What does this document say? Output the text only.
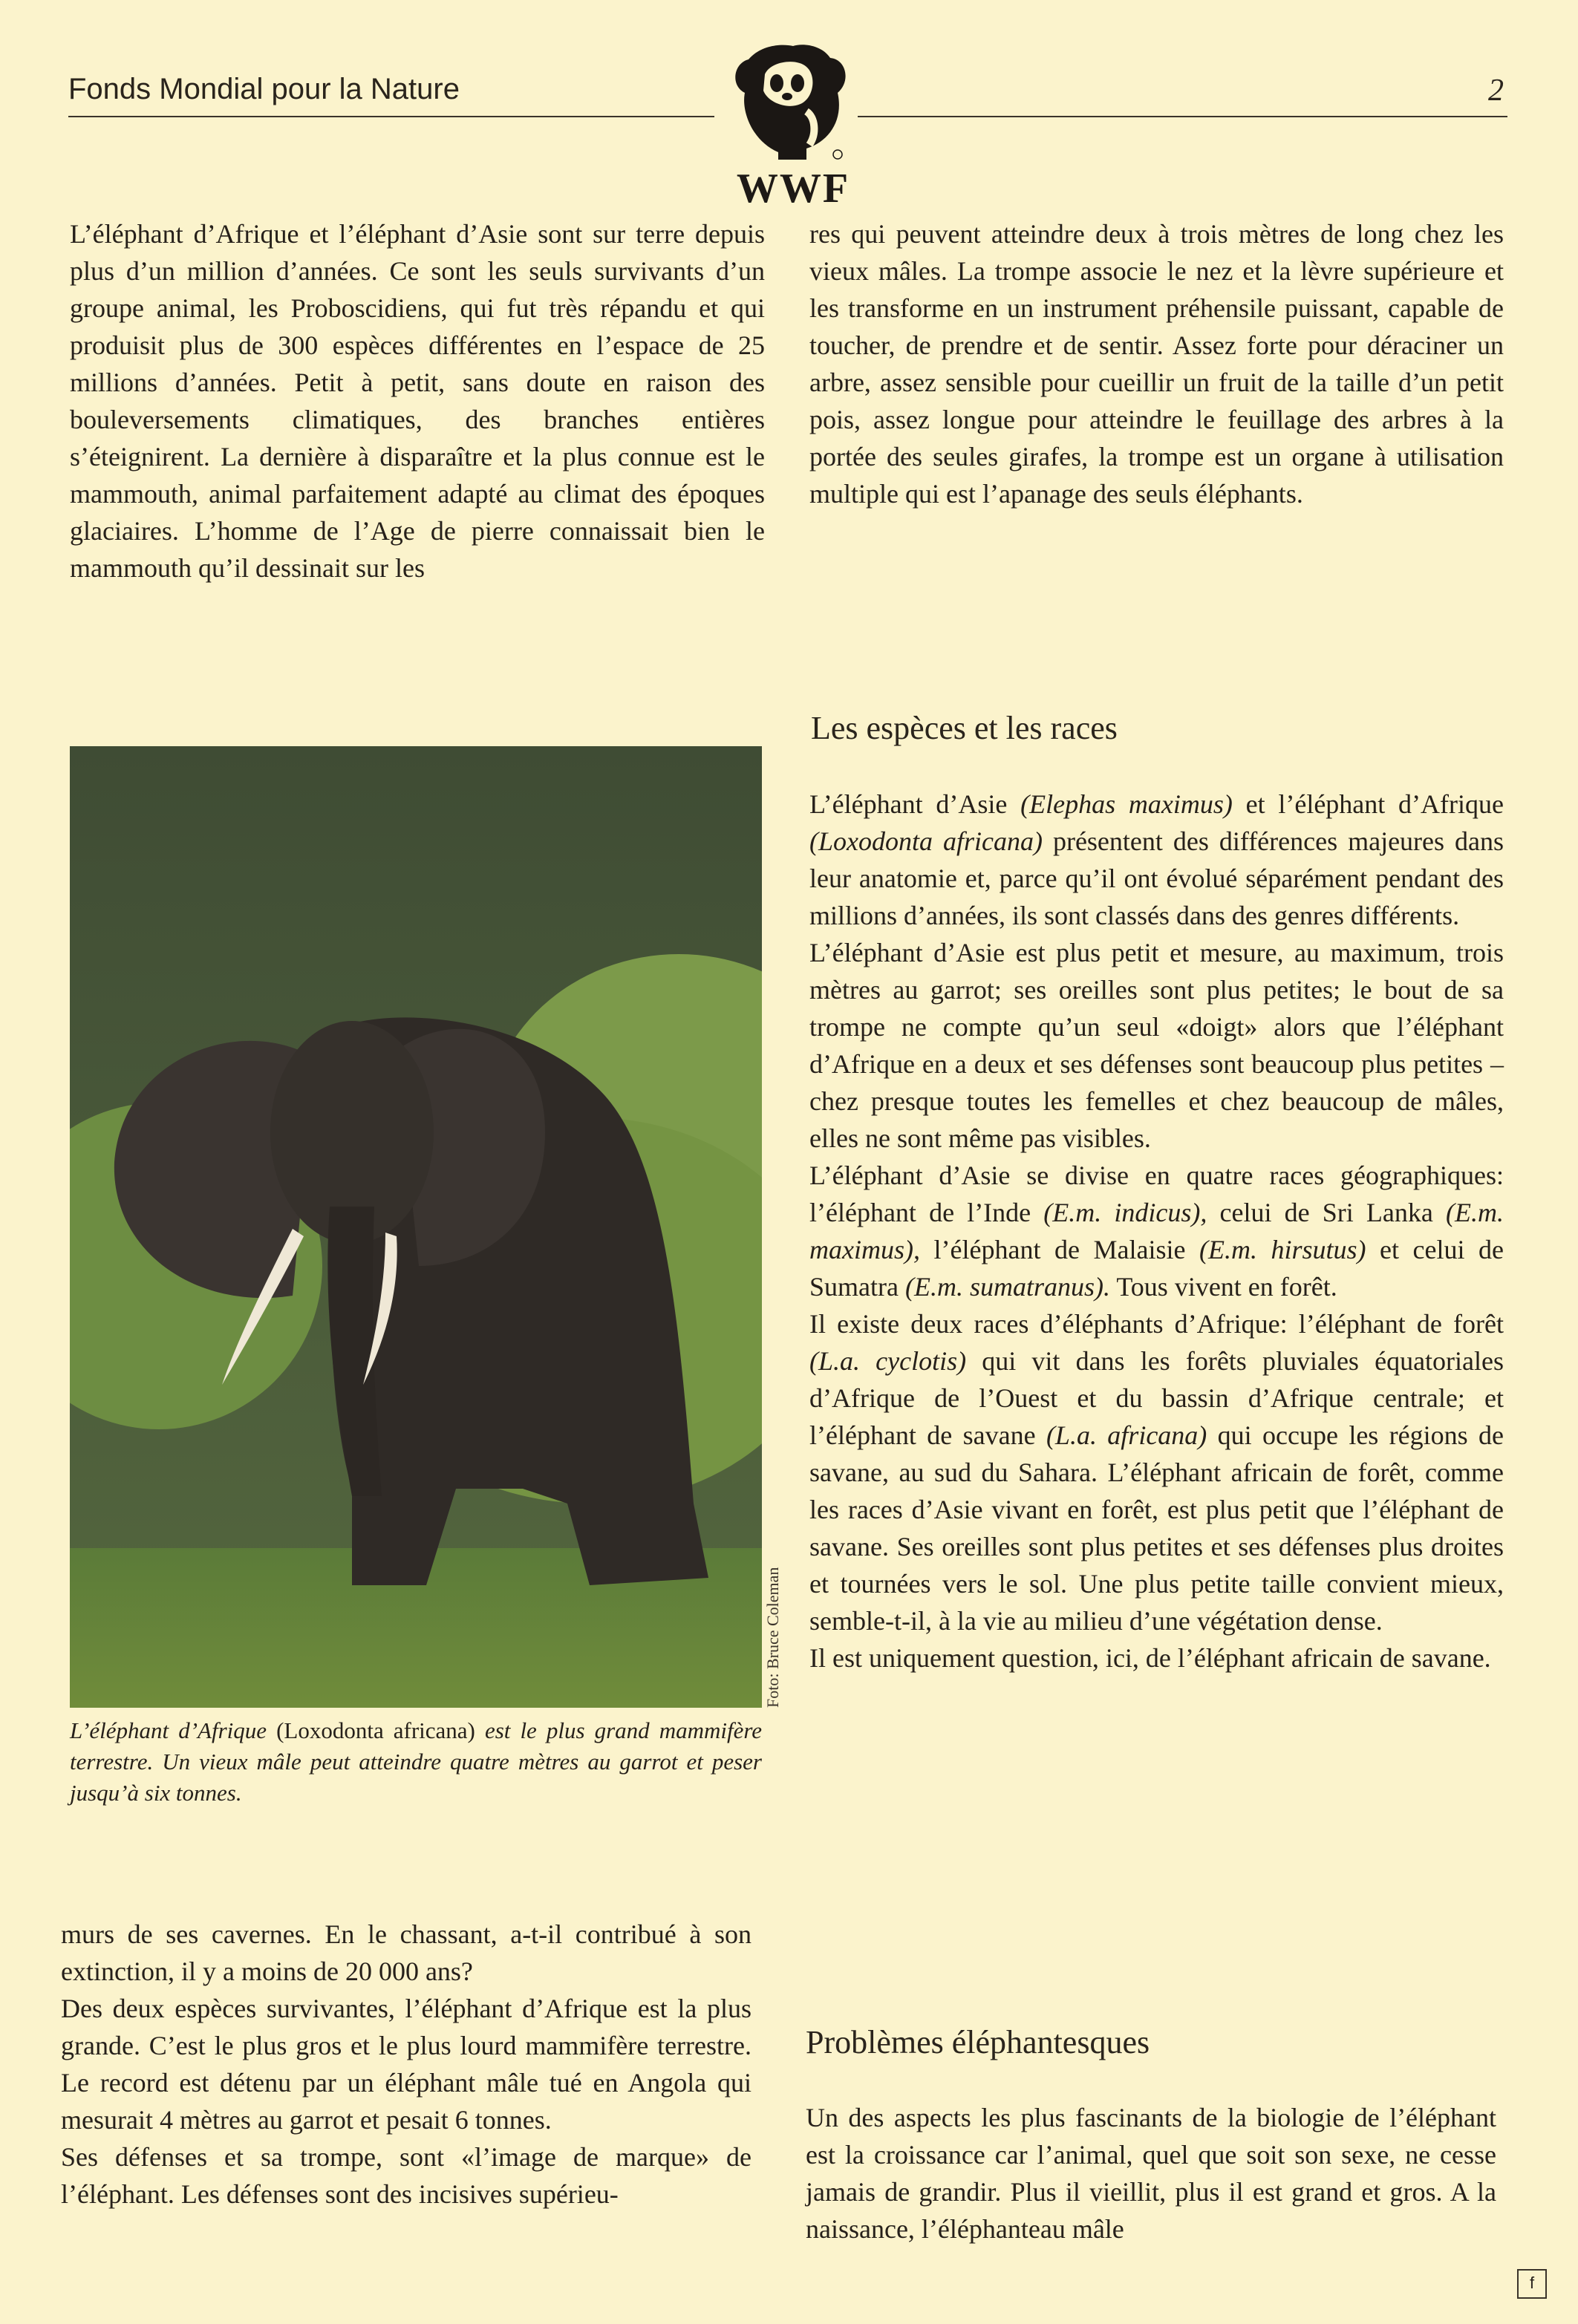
Fonds Mondial pour la Nature	2
WWF

L’éléphant d’Afrique et l’éléphant d’Asie sont sur terre depuis plus d’un million d’années. Ce sont les seuls survivants d’un groupe animal, les Proboscidiens, qui fut très répandu et qui produisit plus de 300 espèces différentes en l’espace de 25 millions d’années. Petit à petit, sans doute en raison des bouleversements climatiques, des branches entières s’éteignirent. La dernière à disparaître et la plus connue est le mammouth, animal parfaitement adapté au climat des époques glaciaires. L’homme de l’Age de pierre connaissait bien le mammouth qu’il dessinait sur les

res qui peuvent atteindre deux à trois mètres de long chez les vieux mâles. La trompe associe le nez et la lèvre supérieure et les transforme en un instrument préhensile puissant, capable de toucher, de prendre et de sentir. Assez forte pour déraciner un arbre, assez sensible pour cueillir un fruit de la taille d’un petit pois, assez longue pour atteindre le feuillage des arbres à la portée des seules girafes, la trompe est un organe à utilisation multiple qui est l’apanage des seuls éléphants.

Foto: Bruce Coleman
L’éléphant d’Afrique (Loxodonta africana) est le plus grand mammifère terrestre. Un vieux mâle peut atteindre quatre mètres au garrot et peser jusqu’à six tonnes.

murs de ses cavernes. En le chassant, a-t-il contribué à son extinction, il y a moins de 20 000 ans?

Des deux espèces survivantes, l’éléphant d’Afrique est la plus grande. C’est le plus gros et le plus lourd mammifère terrestre. Le record est détenu par un éléphant mâle tué en Angola qui mesurait 4 mètres au garrot et pesait 6 tonnes.

Ses défenses et sa trompe, sont «l’image de marque» de l’éléphant. Les défenses sont des incisives supérieu-

Les espèces et les races

L’éléphant d’Asie (Elephas maximus) et l’éléphant d’Afrique (Loxodonta africana) présentent des différences majeures dans leur anatomie et, parce qu’il ont évolué séparément pendant des millions d’années, ils sont classés dans des genres différents.

L’éléphant d’Asie est plus petit et mesure, au maximum, trois mètres au garrot; ses oreilles sont plus petites; le bout de sa trompe ne compte qu’un seul «doigt» alors que l’éléphant d’Afrique en a deux et ses défenses sont beaucoup plus petites – chez presque toutes les femelles et chez beaucoup de mâles, elles ne sont même pas visibles.

L’éléphant d’Asie se divise en quatre races géographiques: l’éléphant de l’Inde (E.m. indicus), celui de Sri Lanka (E.m. maximus), l’éléphant de Malaisie (E.m. hirsutus) et celui de Sumatra (E.m. sumatranus). Tous vivent en forêt.

Il existe deux races d’éléphants d’Afrique: l’éléphant de forêt (L.a. cyclotis) qui vit dans les forêts pluviales équatoriales d’Afrique de l’Ouest et du bassin d’Afrique centrale; et l’éléphant de savane (L.a. africana) qui occupe les régions de savane, au sud du Sahara. L’éléphant africain de forêt, comme les races d’Asie vivant en forêt, est plus petit que l’éléphant de savane. Ses oreilles sont plus petites et ses défenses plus droites et tournées vers le sol. Une plus petite taille convient mieux, semble-t-il, à la vie au milieu d’une végétation dense.

Il est uniquement question, ici, de l’éléphant africain de savane.

Problèmes éléphantesques

Un des aspects les plus fascinants de la biologie de l’éléphant est la croissance car l’animal, quel que soit son sexe, ne cesse jamais de grandir. Plus il vieillit, plus il est grand et gros. A la naissance, l’éléphanteau mâle

f
